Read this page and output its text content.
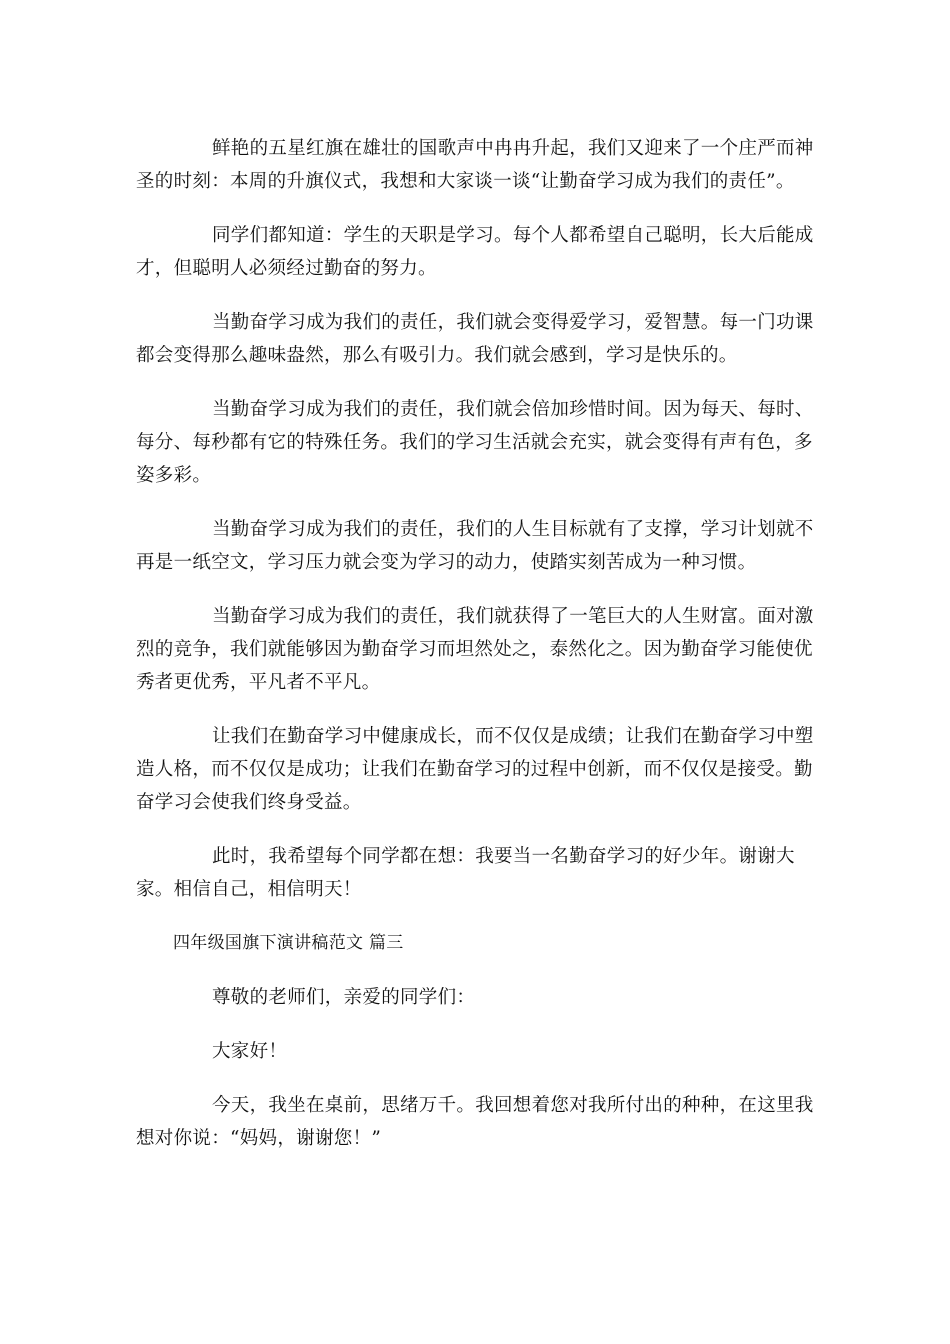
鲜艳的五星红旗在雄壮的国歌声中冉冉升起，我们又迎来了一个庄严而神圣的时刻：本周的升旗仪式，我想和大家谈一谈“让勤奋学习成为我们的责任”。

同学们都知道：学生的天职是学习。每个人都希望自己聪明，长大后能成才，但聪明人必须经过勤奋的努力。

当勤奋学习成为我们的责任，我们就会变得爱学习，爱智慧。每一门功课都会变得那么趣味盎然，那么有吸引力。我们就会感到，学习是快乐的。

当勤奋学习成为我们的责任，我们就会倍加珍惜时间。因为每天、每时、每分、每秒都有它的特殊任务。我们的学习生活就会充实，就会变得有声有色，多姿多彩。

当勤奋学习成为我们的责任，我们的人生目标就有了支撑，学习计划就不再是一纸空文，学习压力就会变为学习的动力，使踏实刻苦成为一种习惯。

当勤奋学习成为我们的责任，我们就获得了一笔巨大的人生财富。面对激烈的竞争，我们就能够因为勤奋学习而坦然处之，泰然化之。因为勤奋学习能使优秀者更优秀，平凡者不平凡。

让我们在勤奋学习中健康成长，而不仅仅是成绩；让我们在勤奋学习中塑造人格，而不仅仅是成功；让我们在勤奋学习的过程中创新，而不仅仅是接受。勤奋学习会使我们终身受益。

此时，我希望每个同学都在想：我要当一名勤奋学习的好少年。谢谢大家。相信自己，相信明天！

四年级国旗下演讲稿范文 篇三

尊敬的老师们，亲爱的同学们：

大家好！

今天，我坐在桌前，思绪万千。我回想着您对我所付出的种种，在这里我想对你说：“妈妈，谢谢您！”
